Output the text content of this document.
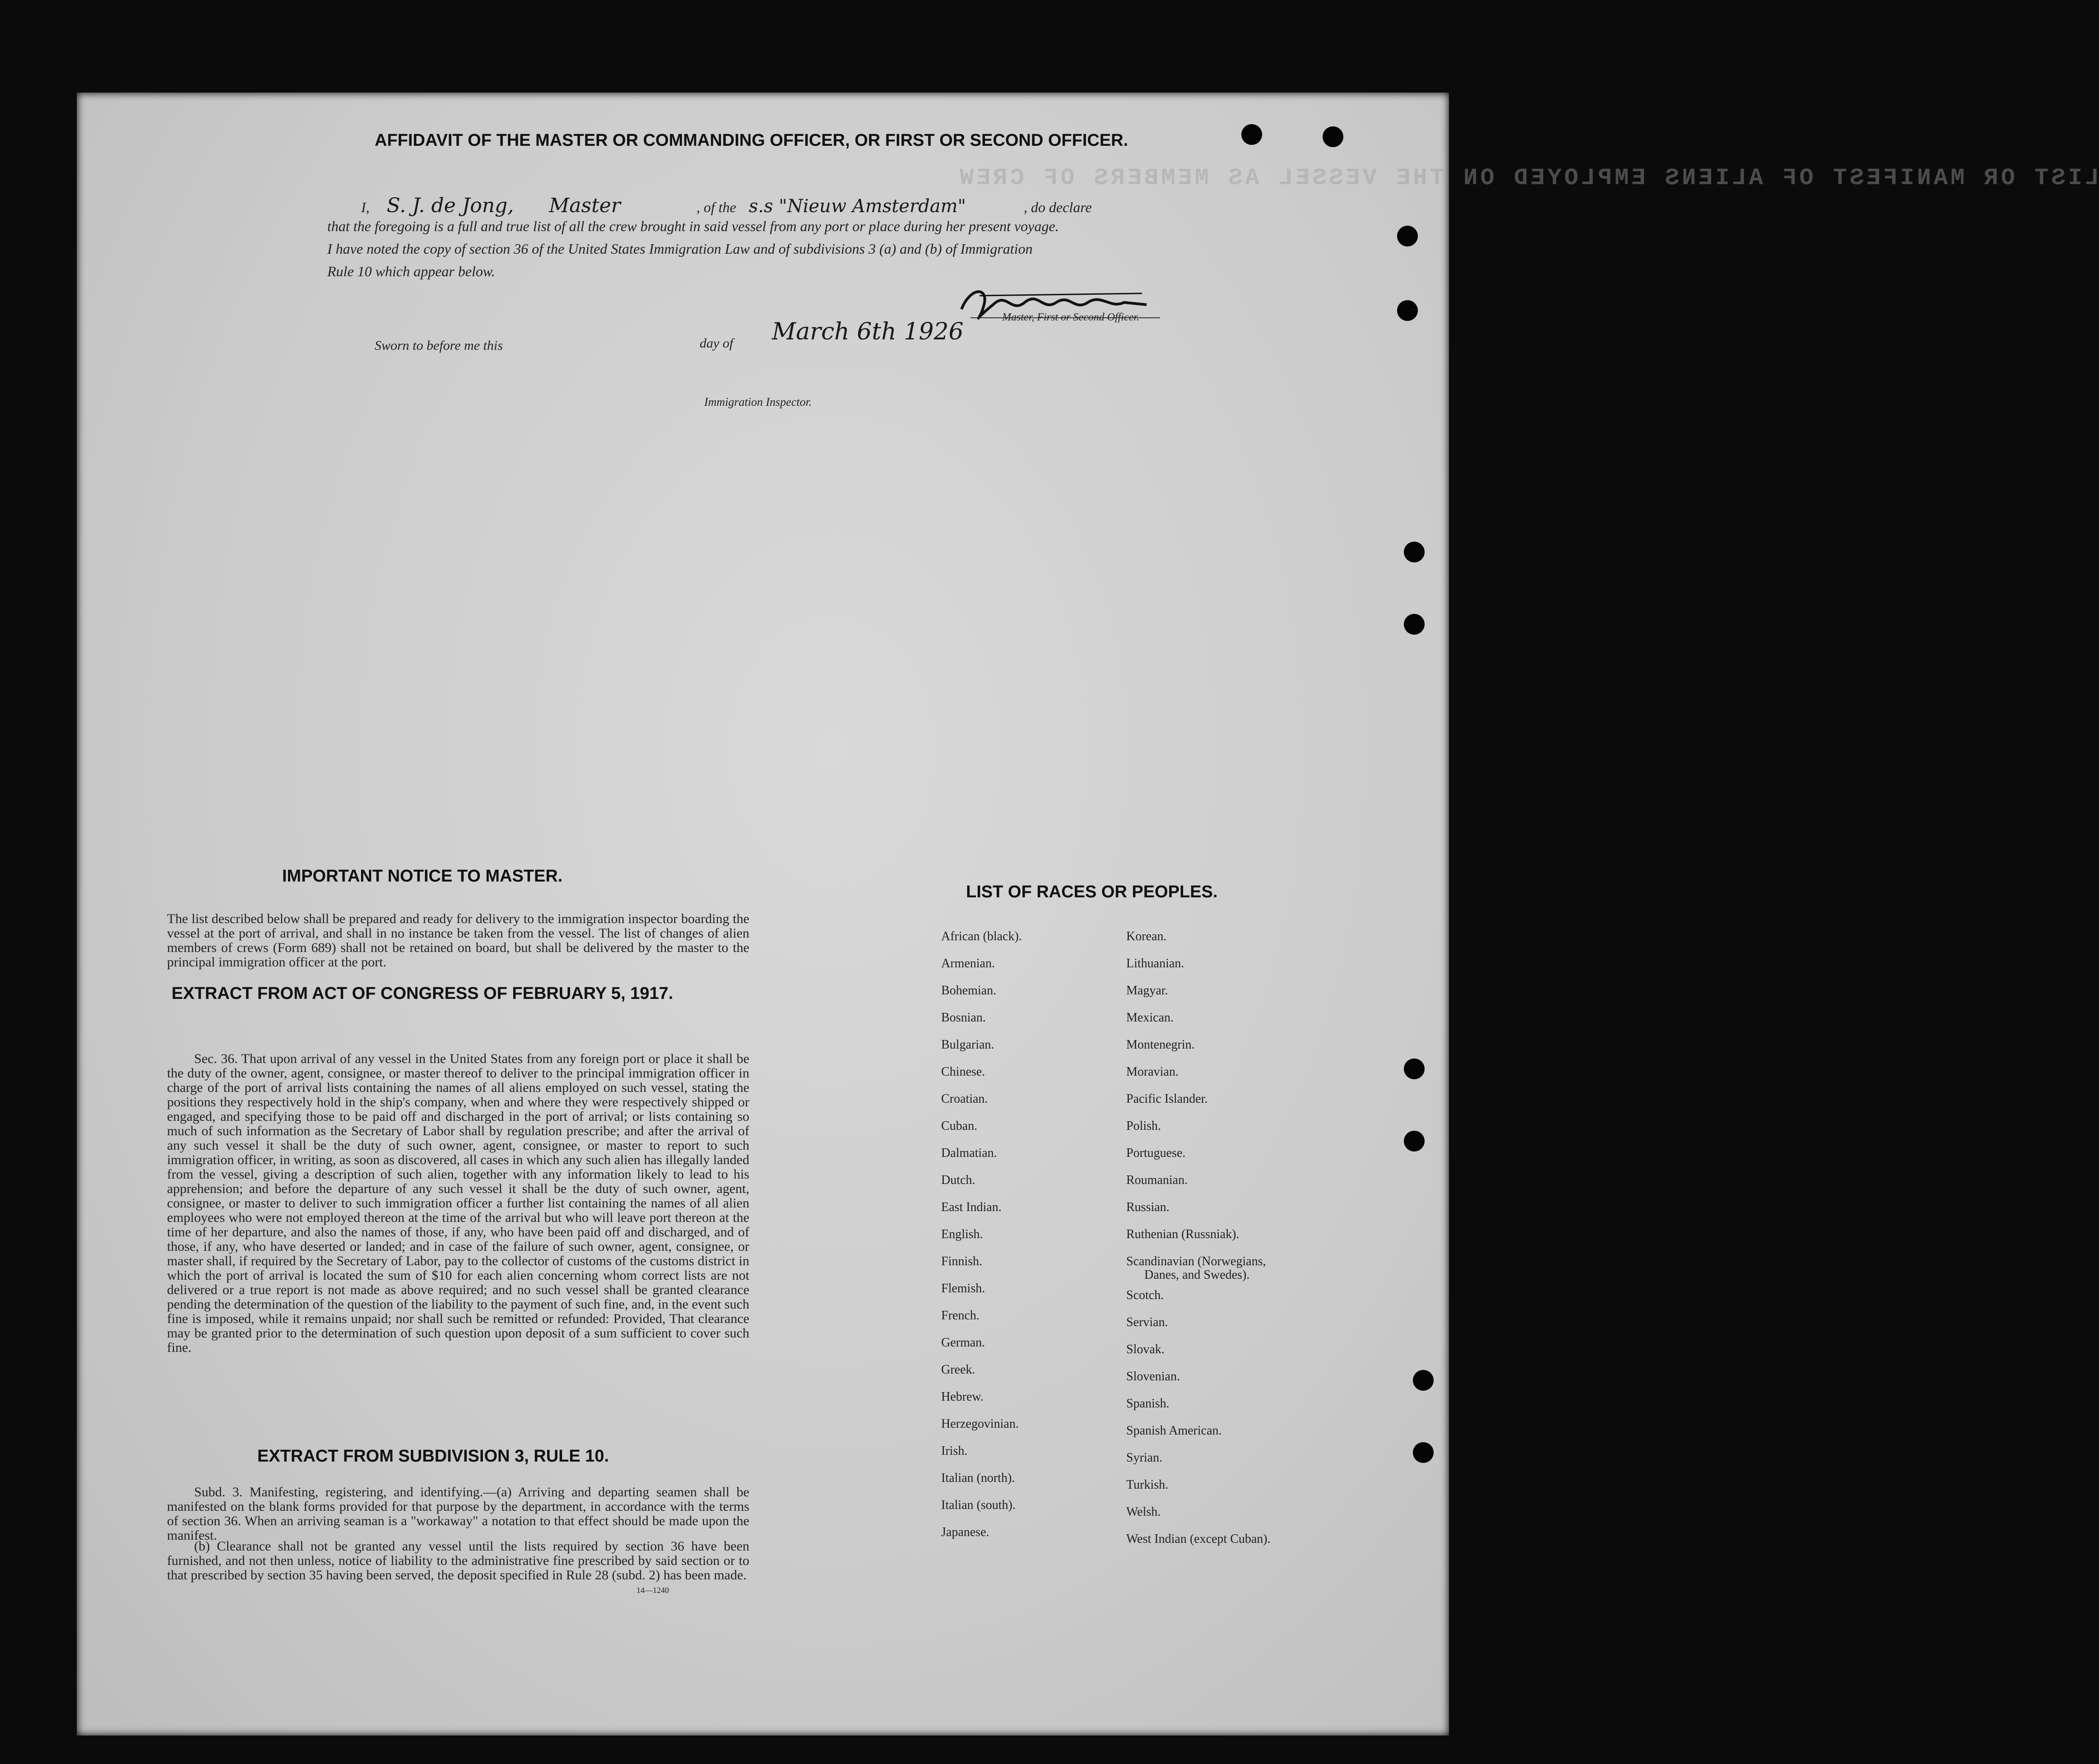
LIST OR MANIFEST OF ALIENS EMPLOYED ON THE VESSEL AS MEMBERS OF CREW
AFFIDAVIT OF THE MASTER OR COMMANDING OFFICER, OR FIRST OR SECOND OFFICER.
I, S. J. de Jong, Master	, of the s.s "Nieuw Amsterdam"	, do declare
that the foregoing is a full and true list of all the crew brought in said vessel from any port or place during her present voyage.
I have noted the copy of section 36 of the United States Immigration Law and of subdivisions 3 (a) and (b) of Immigration
Rule 10 which appear below.
Master, First or Second Officer.
Sworn to before me this	day of March 6th 1926
Immigration Inspector.
IMPORTANT NOTICE TO MASTER.
The list described below shall be prepared and ready for delivery to the immigration inspector boarding the vessel at the port of arrival, and shall in no instance be taken from the vessel. The list of changes of alien members of crews (Form 689) shall not be retained on board, but shall be delivered by the master to the principal immigration officer at the port.
EXTRACT FROM ACT OF CONGRESS OF FEBRUARY 5, 1917.
Sec. 36. That upon arrival of any vessel in the United States from any foreign port or place it shall be the duty of the owner, agent, consignee, or master thereof to deliver to the principal immigration officer in charge of the port of arrival lists containing the names of all aliens employed on such vessel, stating the positions they respectively hold in the ship's company, when and where they were respectively shipped or engaged, and specifying those to be paid off and discharged in the port of arrival; or lists containing so much of such information as the Secretary of Labor shall by regulation prescribe; and after the arrival of any such vessel it shall be the duty of such owner, agent, consignee, or master to report to such immigration officer, in writing, as soon as discovered, all cases in which any such alien has illegally landed from the vessel, giving a description of such alien, together with any information likely to lead to his apprehension; and before the departure of any such vessel it shall be the duty of such owner, agent, consignee, or master to deliver to such immigration officer a further list containing the names of all alien employees who were not employed thereon at the time of the arrival but who will leave port thereon at the time of her departure, and also the names of those, if any, who have been paid off and discharged, and of those, if any, who have deserted or landed; and in case of the failure of such owner, agent, consignee, or master shall, if required by the Secretary of Labor, pay to the collector of customs of the customs district in which the port of arrival is located the sum of $10 for each alien concerning whom correct lists are not delivered or a true report is not made as above required; and no such vessel shall be granted clearance pending the determination of the question of the liability to the payment of such fine, and, in the event such fine is imposed, while it remains unpaid; nor shall such be remitted or refunded: Provided, That clearance may be granted prior to the determination of such question upon deposit of a sum sufficient to cover such fine.
EXTRACT FROM SUBDIVISION 3, RULE 10.
Subd. 3. Manifesting, registering, and identifying.—(a) Arriving and departing seamen shall be manifested on the blank forms provided for that purpose by the department, in accordance with the terms of section 36. When an arriving seaman is a "workaway" a notation to that effect should be made upon the manifest.
(b) Clearance shall not be granted any vessel until the lists required by section 36 have been furnished, and not then unless, notice of liability to the administrative fine prescribed by said section or to that prescribed by section 35 having been served, the deposit specified in Rule 28 (subd. 2) has been made.
14—1240
LIST OF RACES OR PEOPLES.
African (black).
Armenian.
Bohemian.
Bosnian.
Bulgarian.
Chinese.
Croatian.
Cuban.
Dalmatian.
Dutch.
East Indian.
English.
Finnish.
Flemish.
French.
German.
Greek.
Hebrew.
Herzegovinian.
Irish.
Italian (north).
Italian (south).
Japanese.
Korean.
Lithuanian.
Magyar.
Mexican.
Montenegrin.
Moravian.
Pacific Islander.
Polish.
Portuguese.
Roumanian.
Russian.
Ruthenian (Russniak).
Scandinavian (Norwegians,
Danes, and Swedes).
Scotch.
Servian.
Slovak.
Slovenian.
Spanish.
Spanish American.
Syrian.
Turkish.
Welsh.
West Indian (except Cuban).
